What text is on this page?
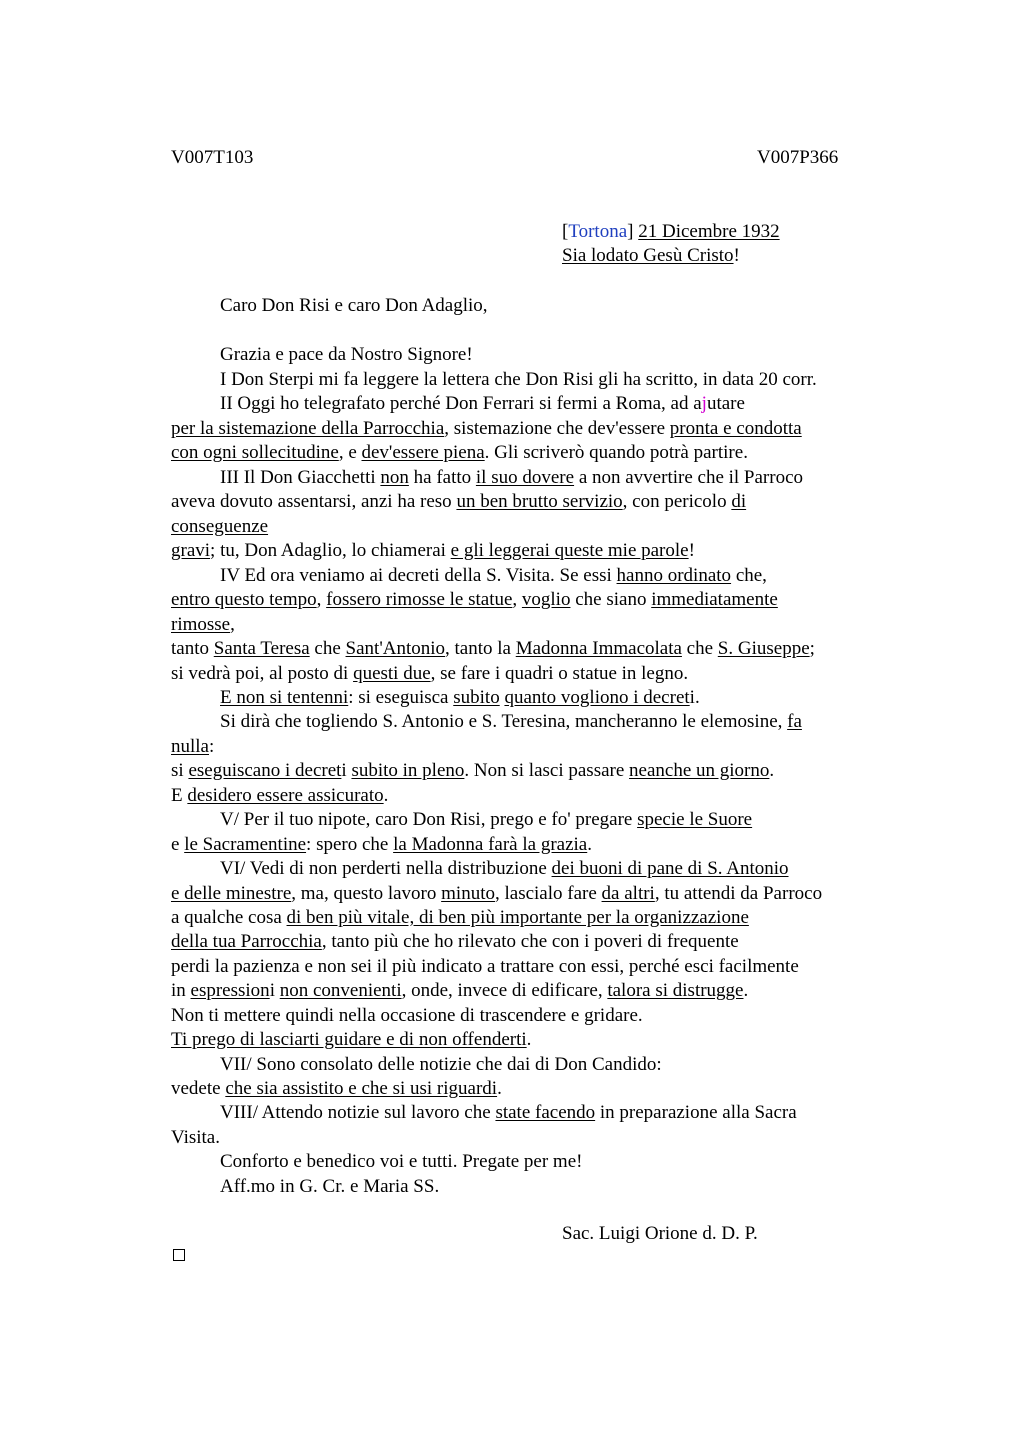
V007T103	V007P366
[Tortona] 21 Dicembre 1932
Sia lodato Gesù Cristo!
Caro Don Risi e caro Don Adaglio,
Grazia e pace da Nostro Signore!
I Don Sterpi mi fa leggere la lettera che Don Risi gli ha scritto, in data 20 corr.
II Oggi ho telegrafato perché Don Ferrari si fermi a Roma, ad ajutare
per la sistemazione della Parrocchia, sistemazione che dev'essere pronta e condotta
con ogni sollecitudine, e dev'essere piena. Gli scriverò quando potrà partire.
III Il Don Giacchetti non ha fatto il suo dovere a non avvertire che il Parroco
aveva dovuto assentarsi, anzi ha reso un ben brutto servizio, con pericolo di
conseguenze
gravi; tu, Don Adaglio, lo chiamerai e gli leggerai queste mie parole!
IV Ed ora veniamo ai decreti della S. Visita. Se essi hanno ordinato che,
entro questo tempo, fossero rimosse le statue, voglio che siano immediatamente
rimosse,
tanto Santa Teresa che Sant'Antonio, tanto la Madonna Immacolata che S. Giuseppe;
si vedrà poi, al posto di questi due, se fare i quadri o statue in legno.
E non si tentenni: si eseguisca subito quanto vogliono i decreti.
Si dirà che togliendo S. Antonio e S. Teresina, mancheranno le elemosine, fa
nulla:
si eseguiscano i decreti subito in pleno. Non si lasci passare neanche un giorno.
E desidero essere assicurato.
V/ Per il tuo nipote, caro Don Risi, prego e fo' pregare specie le Suore
e le Sacramentine: spero che la Madonna farà la grazia.
VI/ Vedi di non perderti nella distribuzione dei buoni di pane di S. Antonio
e delle minestre, ma, questo lavoro minuto, lascialo fare da altri, tu attendi da Parroco
a qualche cosa di ben più vitale, di ben più importante per la organizzazione
della tua Parrocchia, tanto più che ho rilevato che con i poveri di frequente
perdi la pazienza e non sei il più indicato a trattare con essi, perché esci facilmente
in espressioni non convenienti, onde, invece di edificare, talora si distrugge.
Non ti mettere quindi nella occasione di trascendere e gridare.
Ti prego di lasciarti guidare e di non offenderti.
VII/ Sono consolato delle notizie che dai di Don Candido:
vedete che sia assistito e che si usi riguardi.
VIII/ Attendo notizie sul lavoro che state facendo in preparazione alla Sacra
Visita.
Conforto e benedico voi e tutti. Pregate per me!
Aff.mo in G. Cr. e Maria SS.
Sac. Luigi Orione d. D. P.
